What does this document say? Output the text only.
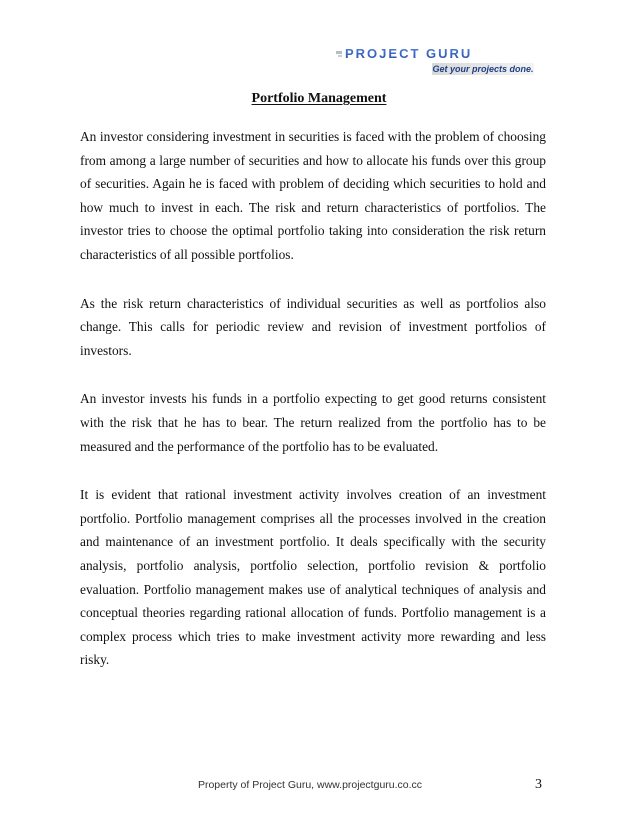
PROJECT GURU
Get your projects done.
Portfolio Management

An investor considering investment in securities is faced with the problem of choosing from among a large number of securities and how to allocate his funds over this group of securities. Again he is faced with problem of deciding which securities to hold and how much to invest in each. The risk and return characteristics of portfolios. The investor tries to choose the optimal portfolio taking into consideration the risk return characteristics of all possible portfolios.

As the risk return characteristics of individual securities as well as portfolios also change. This calls for periodic review and revision of investment portfolios of investors.

An investor invests his funds in a portfolio expecting to get good returns consistent with the risk that he has to bear. The return realized from the portfolio has to be measured and the performance of the portfolio has to be evaluated.

It is evident that rational investment activity involves creation of an investment portfolio. Portfolio management comprises all the processes involved in the creation and maintenance of an investment portfolio. It deals specifically with the security analysis, portfolio analysis, portfolio selection, portfolio revision & portfolio evaluation. Portfolio management makes use of analytical techniques of analysis and conceptual theories regarding rational allocation of funds. Portfolio management is a complex process which tries to make investment activity more rewarding and less risky.

Property of Project Guru, www.projectguru.co.cc	3
